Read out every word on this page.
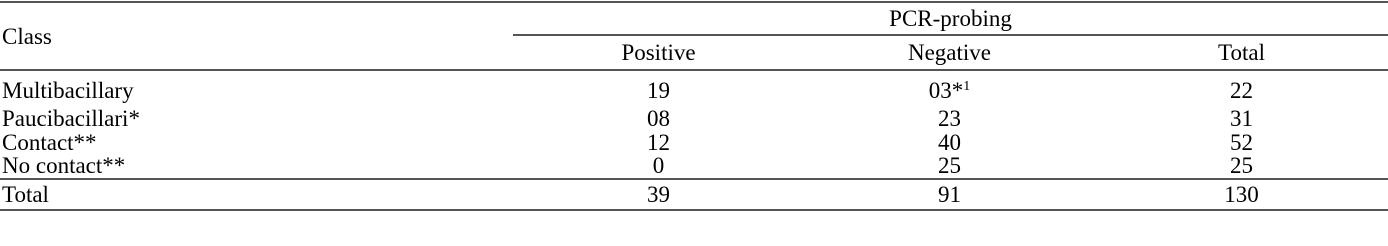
Class	PCR-probing		
	Positive	Negative	Total
Multibacillary	19	03*$^1$	22
Paucibacillari*	08	23	31
Contact**	12	40	52
No contact**	0	25	25
Total	39	91	130
